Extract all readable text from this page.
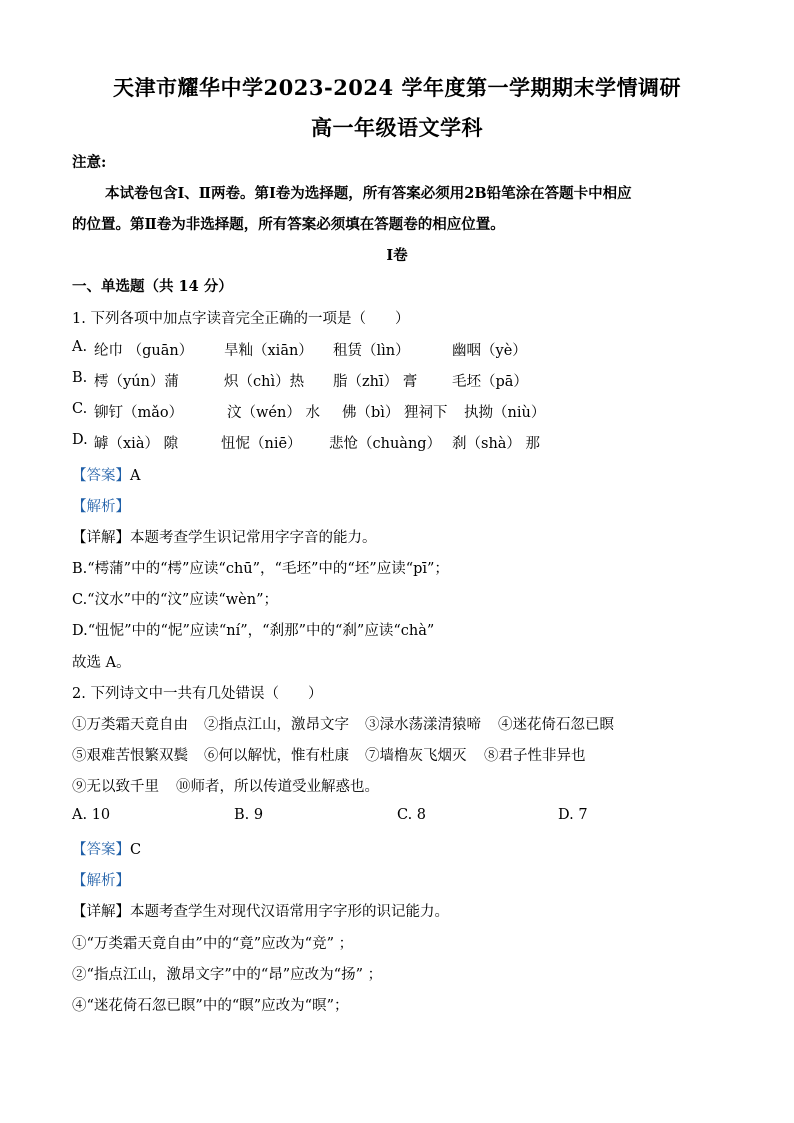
天津市耀华中学2023-2024 学年度第一学期期末学情调研
高一年级语文学科
注意:
本试卷包含Ⅰ、Ⅱ两卷。第Ⅰ卷为选择题，所有答案必须用2B铅笔涂在答题卡中相应
的位置。第Ⅱ卷为非选择题，所有答案必须填在答题卷的相应位置。
Ⅰ卷
一、单选题（共 14 分）
1. 下列各项中加点字读音完全正确的一项是（　　）
A. 纶巾 （guān） 旱籼（xiān） 租赁（lìn）	幽咽（yè）
B. 樗（yún）蒲	炽（chì）热 脂（zhī） 膏 毛坯（pā）
C. 铆钉（mǎo）	汶（wén） 水 佛（bì） 狸祠下 执拗（niù）
D. 罅（xià） 隙	忸怩（niē） 悲怆（chuàng） 刹（shà） 那
【答案】A
【解析】
【详解】本题考查学生识记常用字字音的能力。
B.“樗蒲”中的“樗”应读“chū”，“毛坯”中的“坯”应读“pī”；
C.“汶水”中的“汶”应读“wèn”；
D.“忸怩”中的“怩”应读“ní”，“刹那”中的“刹”应读“chà”
故选 A。
2. 下列诗文中一共有几处错误（　　）
①万类霜天竟自由 ②指点江山，激昂文字 ③渌水荡漾清猿啼 ④迷花倚石忽已瞑
⑤艰难苦恨繁双鬓 ⑥何以解忧，惟有杜康 ⑦墙橹灰飞烟灭 ⑧君子性非异也
⑨无以致千里 ⑩师者，所以传道受业解惑也。
A. 10	B. 9	C. 8	D. 7
【答案】C
【解析】
【详解】本题考查学生对现代汉语常用字字形的识记能力。
①“万类霜天竟自由”中的“竟”应改为“竞” ；
②“指点江山，激昂文字”中的“昂”应改为“扬” ；
④“迷花倚石忽已瞑”中的“瞑”应改为“暝”；
